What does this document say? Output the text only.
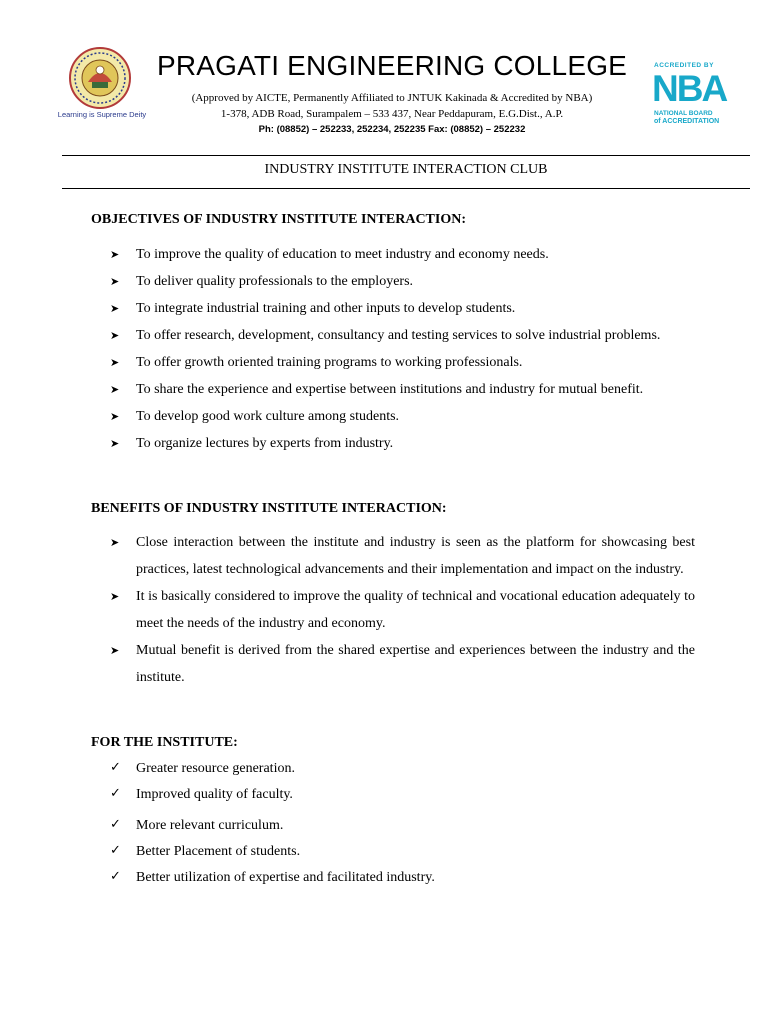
Learning is Supreme Deity
PRAGATI ENGINEERING COLLEGE
(Approved by AICTE, Permanently Affiliated to JNTUK Kakinada & Accredited by NBA)
1-378, ADB Road, Surampalem – 533 437, Near Peddapuram, E.G.Dist., A.P.
Ph: (08852) – 252233, 252234, 252235 Fax: (08852) – 252232
ACCREDITED BY
NBA
NATIONAL BOARD
of ACCREDITATION
INDUSTRY INSTITUTE INTERACTION CLUB
OBJECTIVES OF INDUSTRY INSTITUTE INTERACTION:
➤ To improve the quality of education to meet industry and economy needs.
➤ To deliver quality professionals to the employers.
➤ To integrate industrial training and other inputs to develop students.
➤ To offer research, development, consultancy and testing services to solve industrial problems.
➤ To offer growth oriented training programs to working professionals.
➤ To share the experience and expertise between institutions and industry for mutual benefit.
➤ To develop good work culture among students.
➤ To organize lectures by experts from industry.
BENEFITS OF INDUSTRY INSTITUTE INTERACTION:
➤ Close interaction between the institute and industry is seen as the platform for showcasing best practices, latest technological advancements and their implementation and impact on the industry.
➤ It is basically considered to improve the quality of technical and vocational education adequately to meet the needs of the industry and economy.
➤ Mutual benefit is derived from the shared expertise and experiences between the industry and the institute.
FOR THE INSTITUTE:
✓ Greater resource generation.
✓ Improved quality of faculty.
✓ More relevant curriculum.
✓ Better Placement of students.
✓ Better utilization of expertise and facilitated industry.
